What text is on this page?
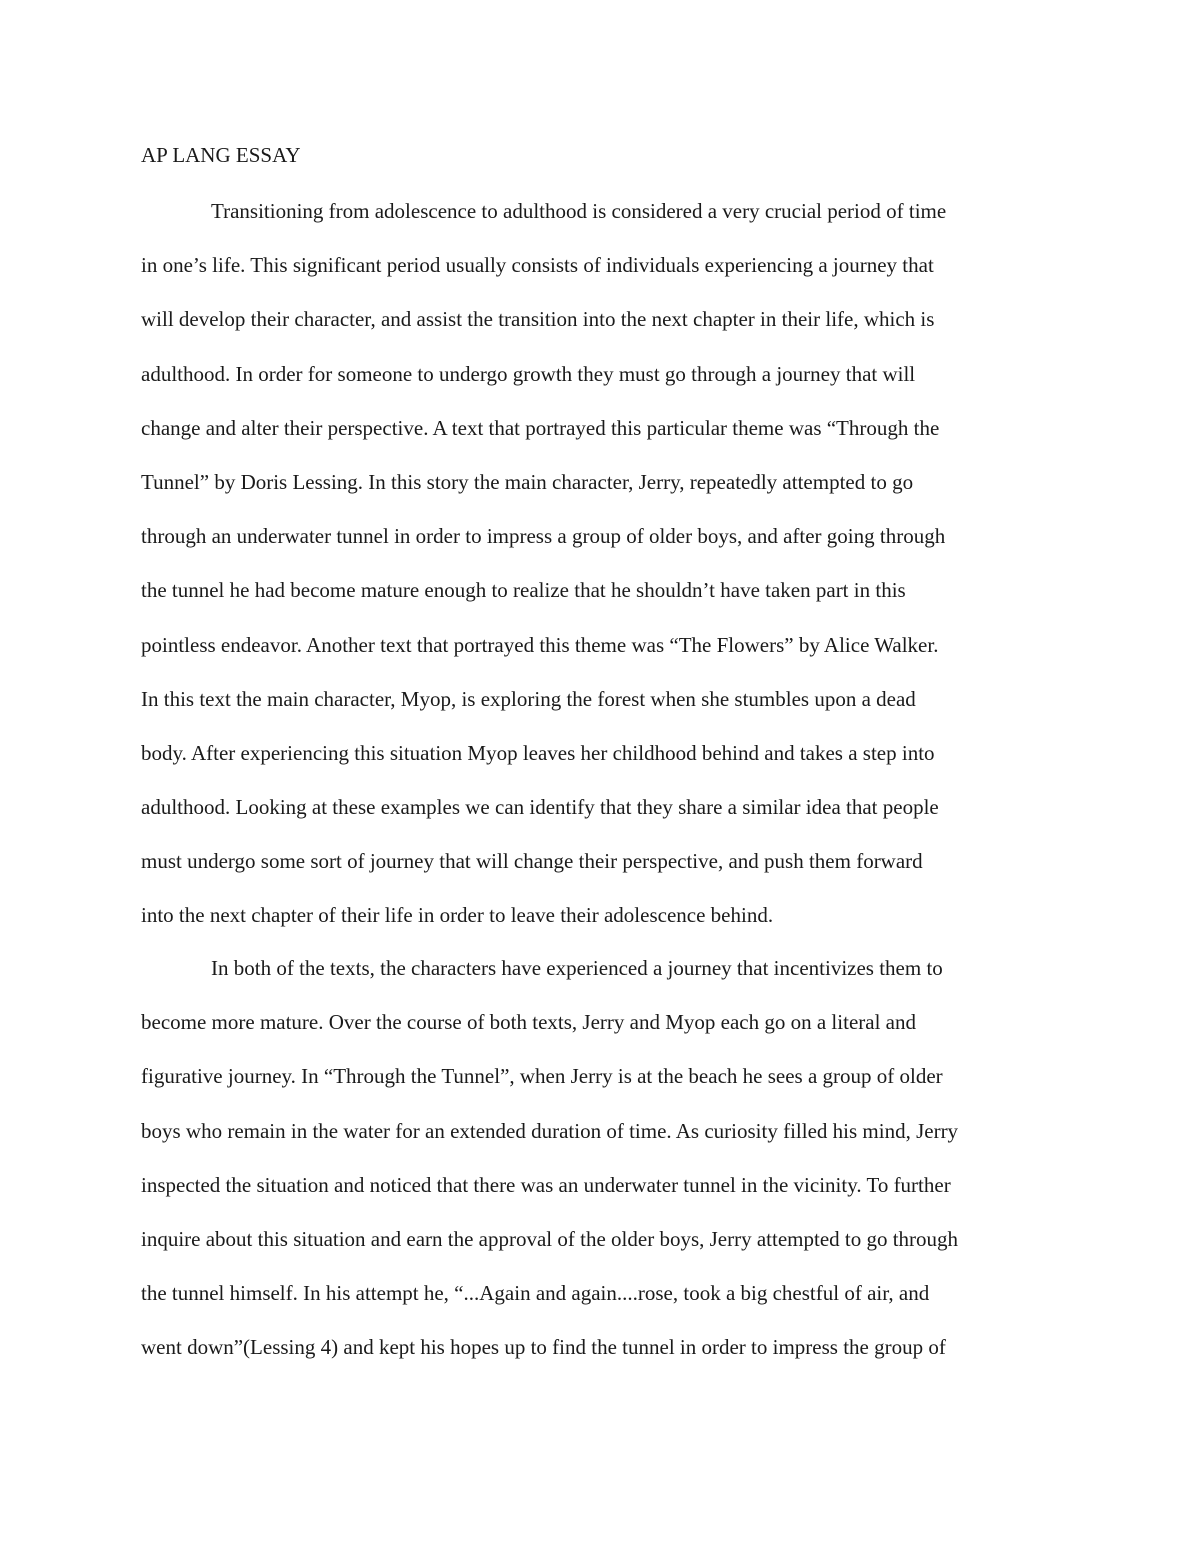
AP LANG ESSAY
Transitioning from adolescence to adulthood is considered a very crucial period of time
in one’s life. This significant period usually consists of individuals experiencing a journey that
will develop their character, and assist the transition into the next chapter in their life, which is
adulthood. In order for someone to undergo growth they must go through a journey that will
change and alter their perspective. A text that portrayed this particular theme was “Through the
Tunnel” by Doris Lessing. In this story the main character, Jerry, repeatedly attempted to go
through an underwater tunnel in order to impress a group of older boys, and after going through
the tunnel he had become mature enough to realize that he shouldn’t have taken part in this
pointless endeavor. Another text that portrayed this theme was “The Flowers” by Alice Walker.
In this text the main character, Myop, is exploring the forest when she stumbles upon a dead
body. After experiencing this situation Myop leaves her childhood behind and takes a step into
adulthood. Looking at these examples we can identify that they share a similar idea that people
must undergo some sort of journey that will change their perspective, and push them forward
into the next chapter of their life in order to leave their adolescence behind.
In both of the texts, the characters have experienced a journey that incentivizes them to
become more mature. Over the course of both texts, Jerry and Myop each go on a literal and
figurative journey. In “Through the Tunnel”, when Jerry is at the beach he sees a group of older
boys who remain in the water for an extended duration of time. As curiosity filled his mind, Jerry
inspected the situation and noticed that there was an underwater tunnel in the vicinity. To further
inquire about this situation and earn the approval of the older boys, Jerry attempted to go through
the tunnel himself. In his attempt he, “...Again and again....rose, took a big chestful of air, and
went down”(Lessing 4) and kept his hopes up to find the tunnel in order to impress the group of
